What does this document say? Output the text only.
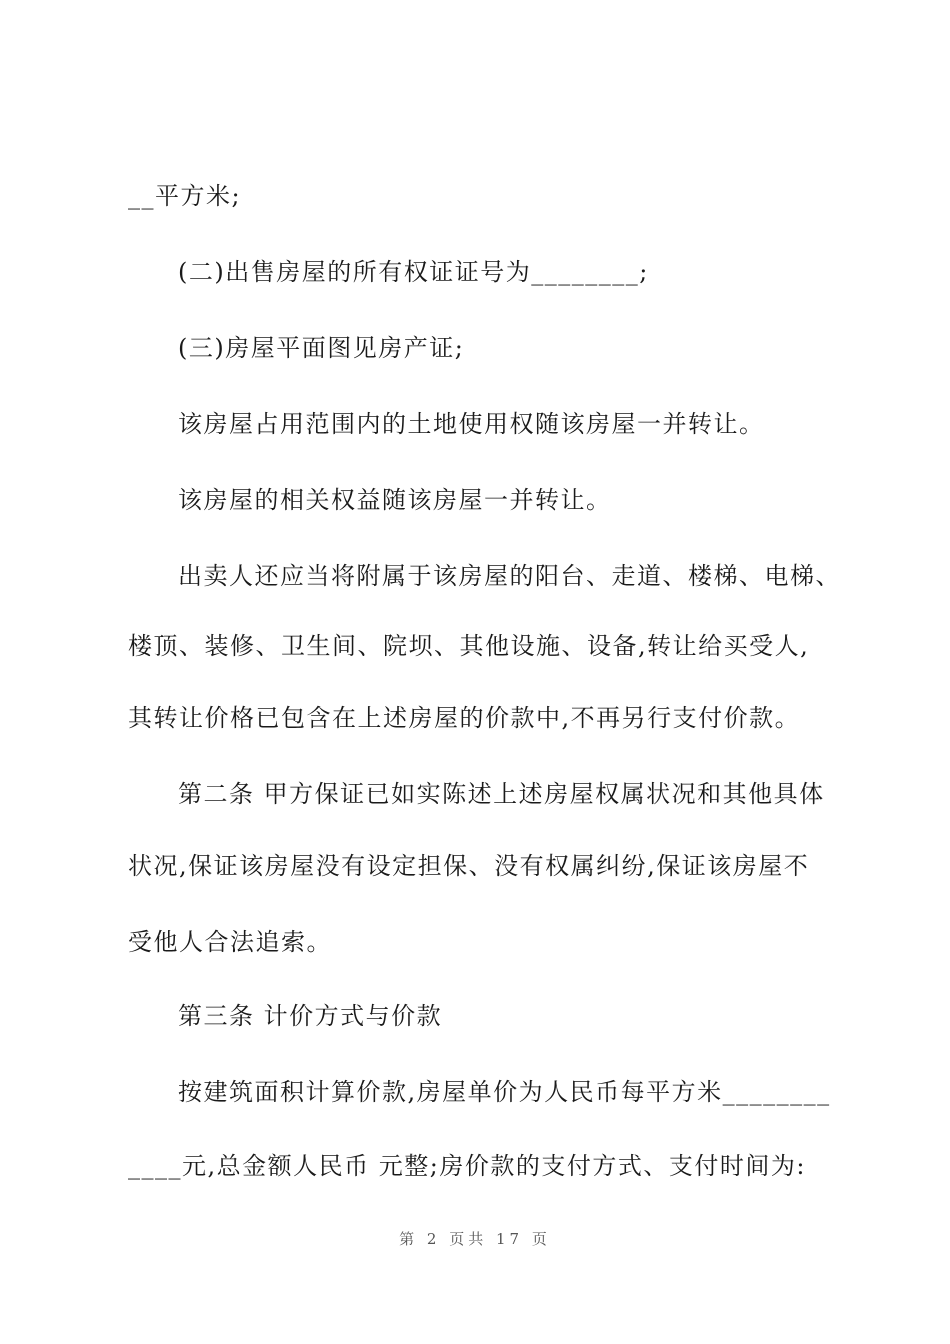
__平方米;
(二)出售房屋的所有权证证号为________;
(三)房屋平面图见房产证;
该房屋占用范围内的土地使用权随该房屋一并转让。
该房屋的相关权益随该房屋一并转让。
出卖人还应当将附属于该房屋的阳台、走道、楼梯、电梯、
楼顶、装修、卫生间、院坝、其他设施、设备,转让给买受人,
其转让价格已包含在上述房屋的价款中,不再另行支付价款。
第二条 甲方保证已如实陈述上述房屋权属状况和其他具体
状况,保证该房屋没有设定担保、没有权属纠纷,保证该房屋不
受他人合法追索。
第三条 计价方式与价款
按建筑面积计算价款,房屋单价为人民币每平方米________
____元,总金额人民币 元整;房价款的支付方式、支付时间为:
第 2 页共 17 页
